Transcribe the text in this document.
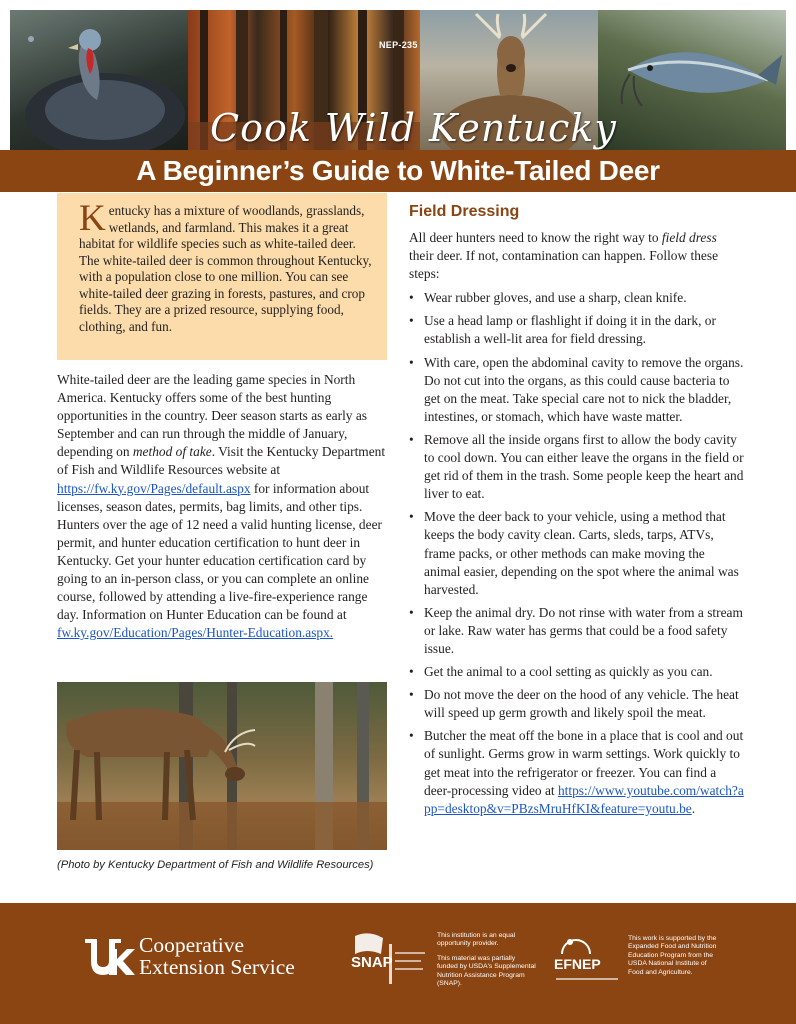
NEP-235
Cook Wild Kentucky
A Beginner’s Guide to White-Tailed Deer
Kentucky has a mixture of woodlands, grasslands, wetlands, and farmland. This makes it a great habitat for wildlife species such as white-tailed deer. The white-tailed deer is common throughout Kentucky, with a population close to one million. You can see white-tailed deer grazing in forests, pastures, and crop fields. They are a prized resource, supplying food, clothing, and fun.

White-tailed deer are the leading game species in North America. Kentucky offers some of the best hunting opportunities in the country. Deer season starts as early as September and can run through the middle of January, depending on method of take. Visit the Kentucky Department of Fish and Wildlife Resources website at https://fw.ky.gov/Pages/default.aspx for information about licenses, season dates, permits, bag limits, and other tips. Hunters over the age of 12 need a valid hunting license, deer permit, and hunter education certification to hunt deer in Kentucky. Get your hunter education certification card by going to an in-person class, or you can complete an online course, followed by attending a live-fire-experience range day. Information on Hunter Education can be found at fw.ky.gov/Education/Pages/Hunter-Education.aspx.

(Photo by Kentucky Department of Fish and Wildlife Resources)

Field Dressing

All deer hunters need to know the right way to field dress their deer. If not, contamination can happen. Follow these steps:

• Wear rubber gloves, and use a sharp, clean knife.
• Use a head lamp or flashlight if doing it in the dark, or establish a well-lit area for field dressing.
• With care, open the abdominal cavity to remove the organs. Do not cut into the organs, as this could cause bacteria to get on the meat. Take special care not to nick the bladder, intestines, or stomach, which have waste matter.
• Remove all the inside organs first to allow the body cavity to cool down. You can either leave the organs in the field or get rid of them in the trash. Some people keep the heart and liver to eat.
• Move the deer back to your vehicle, using a method that keeps the body cavity clean. Carts, sleds, tarps, ATVs, frame packs, or other methods can make moving the animal easier, depending on the spot where the animal was harvested.
• Keep the animal dry. Do not rinse with water from a stream or lake. Raw water has germs that could be a food safety issue.
• Get the animal to a cool setting as quickly as you can.
• Do not move the deer on the hood of any vehicle. The heat will speed up germ growth and likely spoil the meat.
• Butcher the meat off the bone in a place that is cool and out of sunlight. Germs grow in warm settings. Work quickly to get meat into the refrigerator or freezer. You can find a deer-processing video at https://www.youtube.com/watch?app=desktop&v=PBzsMruHfKI&feature=youtu.be.
Cooperative
Extension Service	SNAP
This institution is an equal opportunity provider.
This material was partially funded by USDA's Supplemental Nutrition Assistance Program (SNAP).
EFNEP
This work is supported by the Expanded Food and Nutrition Education Program from the USDA National Institute of Food and Agriculture.
